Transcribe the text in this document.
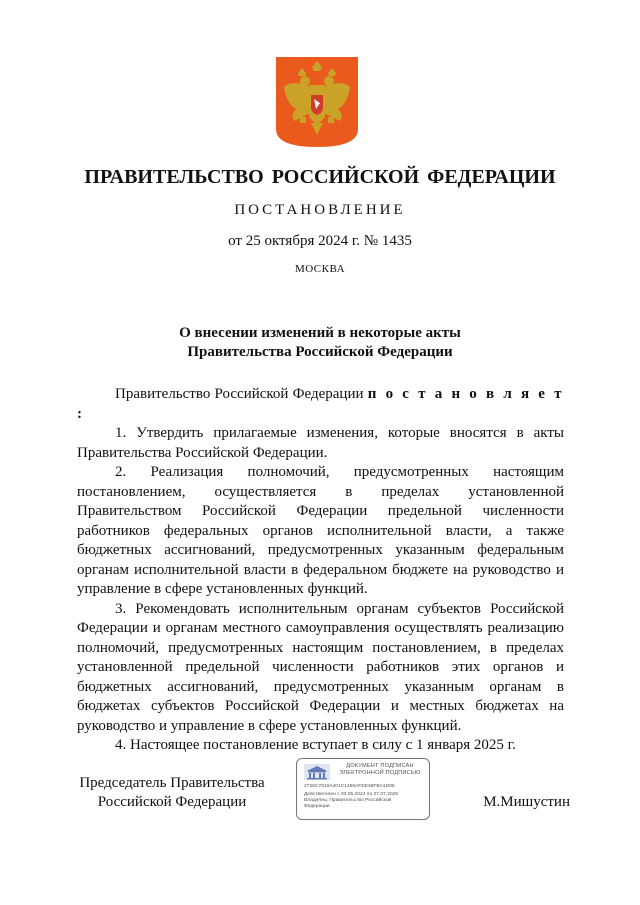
ПРАВИТЕЛЬСТВО РОССИЙСКОЙ ФЕДЕРАЦИИ
ПОСТАНОВЛЕНИЕ
от 25 октября 2024 г. № 1435
МОСКВА
О внесении изменений в некоторые акты
Правительства Российской Федерации

Правительство Российской Федерации п о с т а н о в л я е т :

1. Утвердить прилагаемые изменения, которые вносятся в акты Правительства Российской Федерации.

2. Реализация полномочий, предусмотренных настоящим постановлением, осуществляется в пределах установленной Правительством Российской Федерации предельной численности работников федеральных органов исполнительной власти, а также бюджетных ассигнований, предусмотренных указанным федеральным органам исполнительной власти в федеральном бюджете на руководство и управление в сфере установленных функций.

3. Рекомендовать исполнительным органам субъектов Российской Федерации и органам местного самоуправления осуществлять реализацию полномочий, предусмотренных настоящим постановлением, в пределах установленной предельной численности работников этих органов и бюджетных ассигнований, предусмотренных указанным органам в бюджетах субъектов Российской Федерации и местных бюджетах на руководство и управление в сфере установленных функций.

4. Настоящее постановление вступает в силу с 1 января 2025 г.

Председатель Правительства
Российской Федерации
ДОКУМЕНТ ПОДПИСАН
ЭЛЕКТРОННОЙ ПОДПИСЬЮ
2726C7810A401C1458AFEE38FBA1D08
Действителен с 03.05.2024 по 27.07.2025
Владелец: Правительство Российской
Федерации	М.Мишустин
